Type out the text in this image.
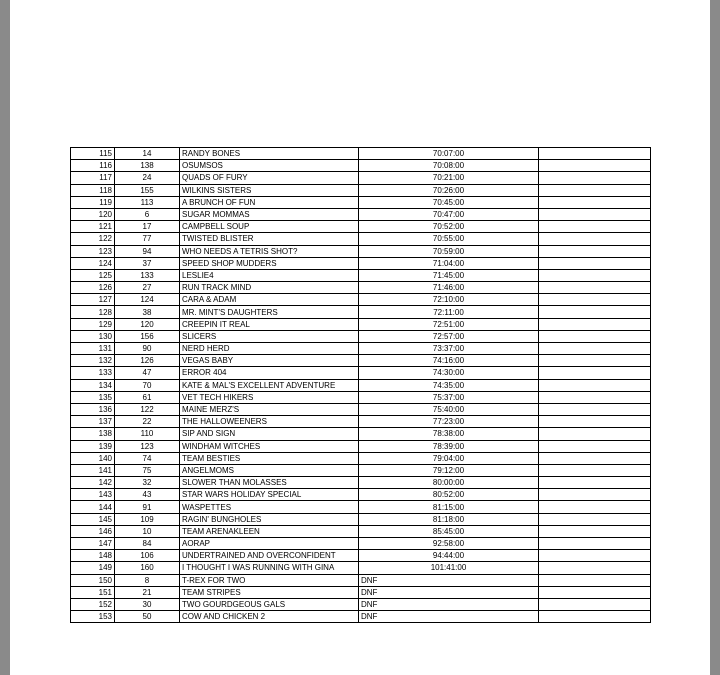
115	14	RANDY BONES	70:07:00	
116	138	OSUMSOS	70:08:00	
117	24	QUADS OF FURY	70:21:00	
118	155	WILKINS SISTERS	70:26:00	
119	113	A BRUNCH OF FUN	70:45:00	
120	6	SUGAR MOMMAS	70:47:00	
121	17	CAMPBELL SOUP	70:52:00	
122	77	TWISTED BLISTER	70:55:00	
123	94	WHO NEEDS A TETRIS SHOT?	70:59:00	
124	37	SPEED SHOP MUDDERS	71:04:00	
125	133	LESLIE4	71:45:00	
126	27	RUN TRACK MIND	71:46:00	
127	124	CARA & ADAM	72:10:00	
128	38	MR. MINT'S DAUGHTERS	72:11:00	
129	120	CREEPIN IT REAL	72:51:00	
130	156	SLICERS	72:57:00	
131	90	NERD HERD	73:37:00	
132	126	VEGAS BABY	74:16:00	
133	47	ERROR 404	74:30:00	
134	70	KATE & MAL'S EXCELLENT ADVENTURE	74:35:00	
135	61	VET TECH HIKERS	75:37:00	
136	122	MAINE MERZ'S	75:40:00	
137	22	THE HALLOWEENERS	77:23:00	
138	110	SIP AND SIGN	78:38:00	
139	123	WINDHAM WITCHES	78:39:00	
140	74	TEAM BESTIES	79:04:00	
141	75	ANGELMOMS	79:12:00	
142	32	SLOWER THAN MOLASSES	80:00:00	
143	43	STAR WARS HOLIDAY SPECIAL	80:52:00	
144	91	WASPETTES	81:15:00	
145	109	RAGIN' BUNGHOLES	81:18:00	
146	10	TEAM ARENAKLEEN	85:45:00	
147	84	AORAP	92:58:00	
148	106	UNDERTRAINED AND OVERCONFIDENT	94:44:00	
149	160	I THOUGHT I WAS RUNNING WITH GINA	101:41:00	
150	8	T-REX FOR TWO	DNF	
151	21	TEAM STRIPES	DNF	
152	30	TWO GOURDGEOUS GALS	DNF	
153	50	COW AND CHICKEN 2	DNF	
